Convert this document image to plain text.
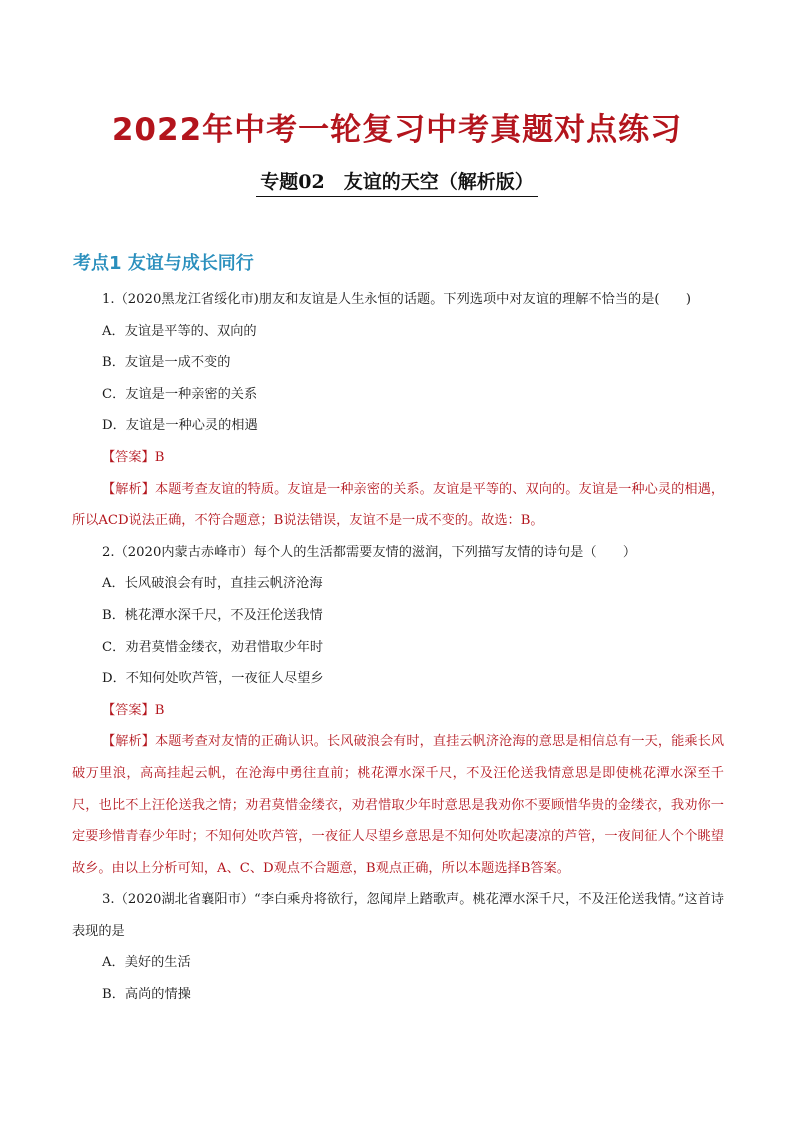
2022年中考一轮复习中考真题对点练习
专题02　友谊的天空（解析版）
考点1 友谊与成长同行

1.（2020黑龙江省绥化市)朋友和友谊是人生永恒的话题。下列选项中对友谊的理解不恰当的是(　　)

A．友谊是平等的、双向的

B．友谊是一成不变的

C．友谊是一种亲密的关系

D．友谊是一种心灵的相遇

【答案】B

【解析】本题考查友谊的特质。友谊是一种亲密的关系。友谊是平等的、双向的。友谊是一种心灵的相遇，所以ACD说法正确，不符合题意；B说法错误，友谊不是一成不变的。故选：B。

2.（2020内蒙古赤峰市）每个人的生活都需要友情的滋润，下列描写友情的诗句是（　　）

A．长风破浪会有时，直挂云帆济沧海

B．桃花潭水深千尺，不及汪伦送我情

C．劝君莫惜金缕衣，劝君惜取少年时

D．不知何处吹芦管，一夜征人尽望乡

【答案】B

【解析】本题考查对友情的正确认识。长风破浪会有时，直挂云帆济沧海的意思是相信总有一天，能乘长风破万里浪，高高挂起云帆，在沧海中勇往直前；桃花潭水深千尺，不及汪伦送我情意思是即使桃花潭水深至千尺，也比不上汪伦送我之情；劝君莫惜金缕衣，劝君惜取少年时意思是我劝你不要顾惜华贵的金缕衣，我劝你一定要珍惜青春少年时；不知何处吹芦管，一夜征人尽望乡意思是不知何处吹起凄凉的芦管，一夜间征人个个眺望故乡。由以上分析可知，A、C、D观点不合题意，B观点正确，所以本题选择B答案。

3.（2020湖北省襄阳市）“李白乘舟将欲行，忽闻岸上踏歌声。桃花潭水深千尺，不及汪伦送我情。”这首诗表现的是

A．美好的生活

B．高尚的情操
